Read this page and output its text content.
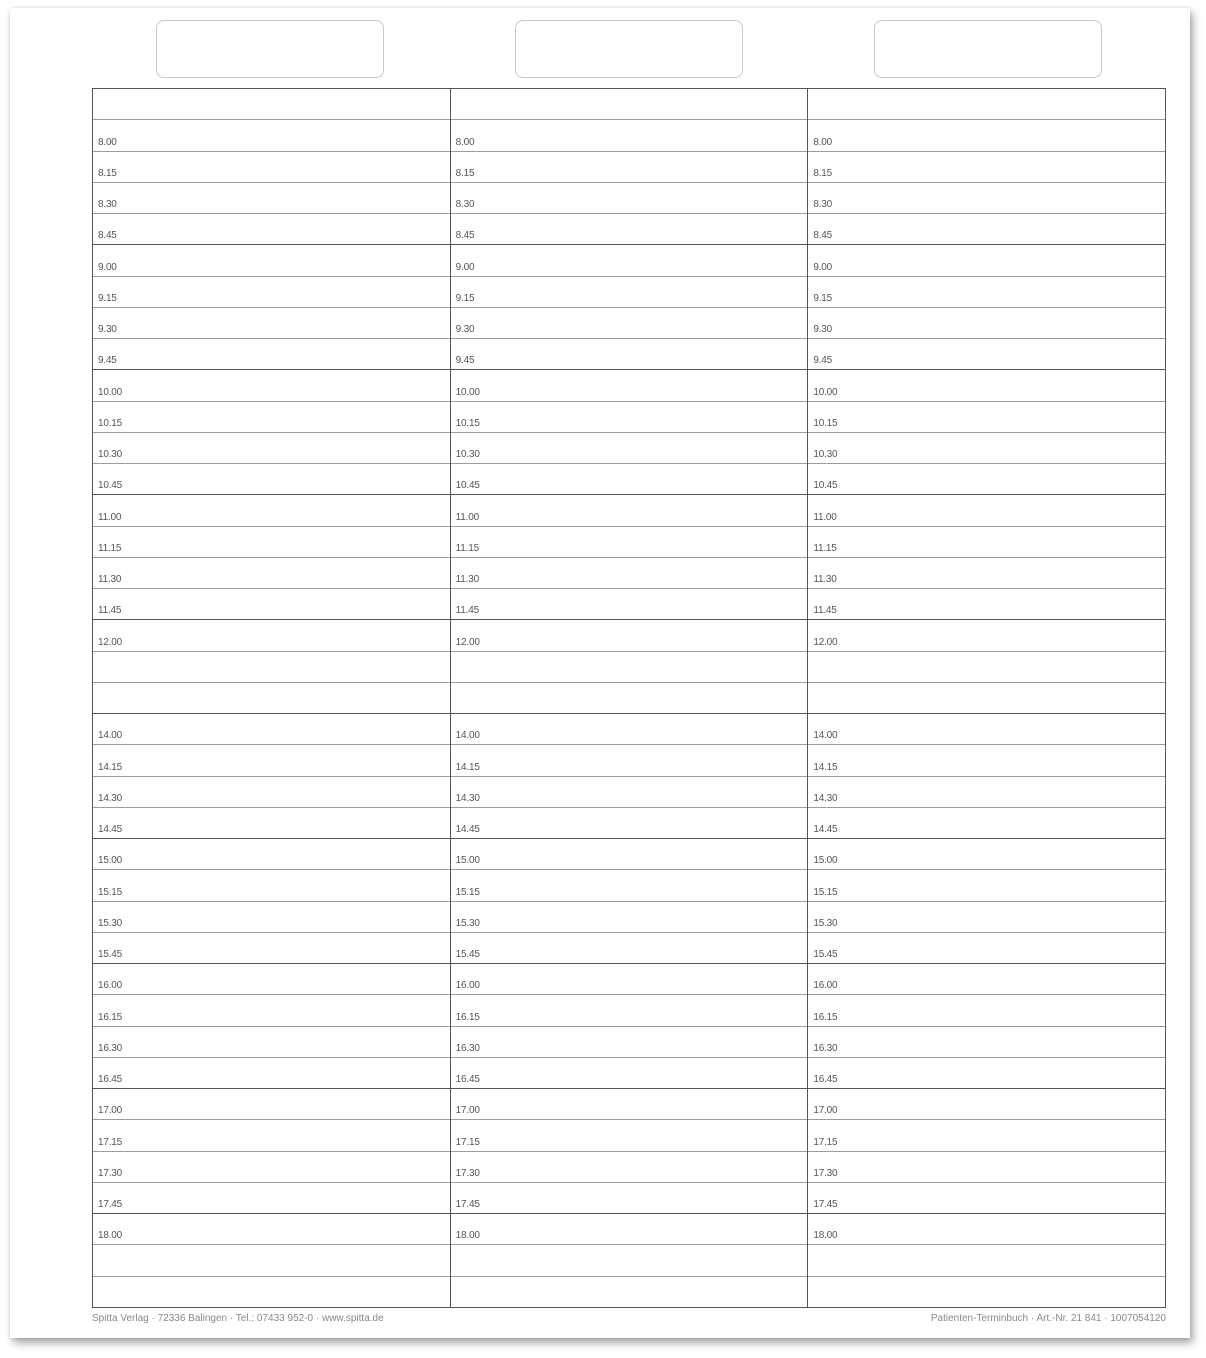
8.00
8.15
8.30
8.45
9.00
9.15
9.30
9.45
10.00
10.15
10.30
10.45
11.00
11.15
11.30
11.45
12.00
14.00
14.15
14.30
14.45
15.00
15.15
15.30
15.45
16.00
16.15
16.30
16.45
17.00
17.15
17.30
17.45
18.00
8.00
8.15
8.30
8.45
9.00
9.15
9.30
9.45
10.00
10.15
10.30
10.45
11.00
11.15
11.30
11.45
12.00
14.00
14.15
14.30
14.45
15.00
15.15
15.30
15.45
16.00
16.15
16.30
16.45
17.00
17.15
17.30
17.45
18.00
8.00
8.15
8.30
8.45
9.00
9.15
9.30
9.45
10.00
10.15
10.30
10.45
11.00
11.15
11.30
11.45
12.00
14.00
14.15
14.30
14.45
15.00
15.15
15.30
15.45
16.00
16.15
16.30
16.45
17.00
17.15
17.30
17.45
18.00
Spitta Verlag · 72336 Balingen · Tel.: 07433 952-0 · www.spitta.de	Patienten-Terminbuch · Art.-Nr. 21 841 · 1007054120
